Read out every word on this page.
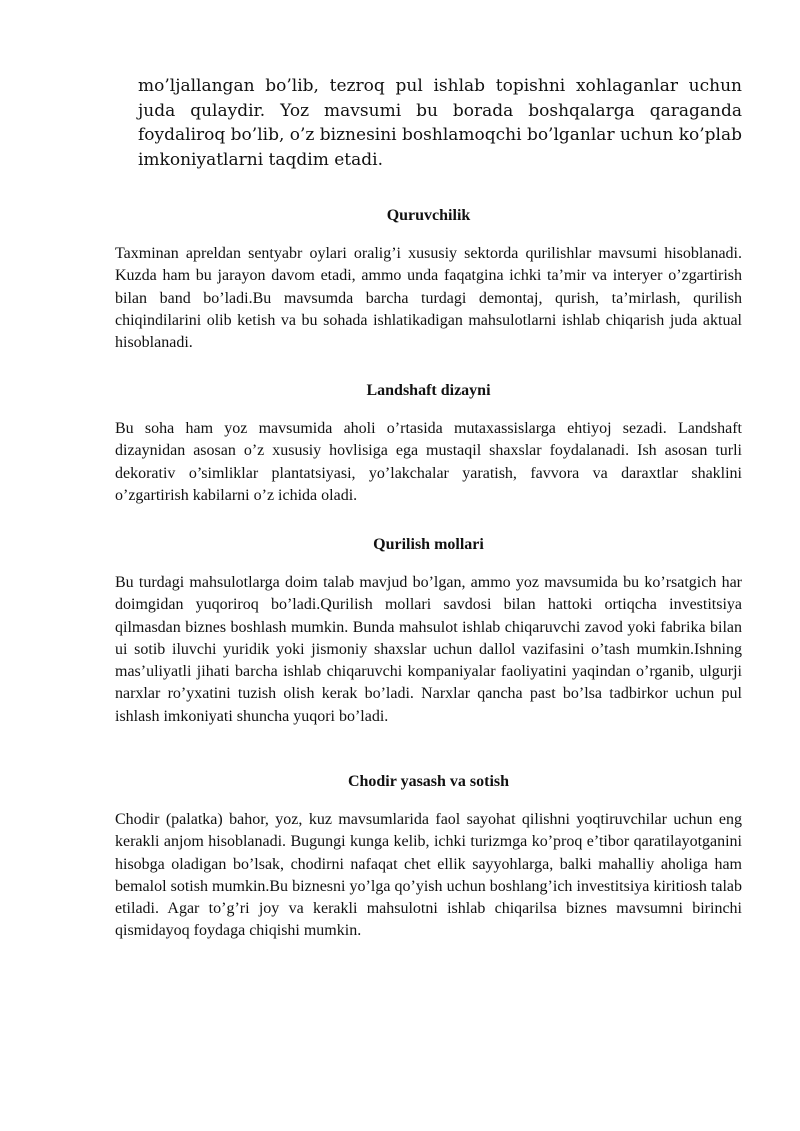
mo’ljallangan bo’lib, tezroq pul ishlab topishni xohlaganlar uchun juda qulaydir. Yoz mavsumi bu borada boshqalarga qaraganda foydaliroq bo’lib, o’z biznesini boshlamoqchi bo’lganlar uchun ko’plab imkoniyatlarni taqdim etadi.

Quruvchilik

Taxminan apreldan sentyabr oylari oralig’i xususiy sektorda qurilishlar mavsumi hisoblanadi. Kuzda ham bu jarayon davom etadi, ammo unda faqatgina ichki ta’mir va interyer o’zgartirish bilan band bo’ladi.Bu mavsumda barcha turdagi demontaj, qurish, ta’mirlash, qurilish chiqindilarini olib ketish va bu sohada ishlatikadigan mahsulotlarni ishlab chiqarish juda aktual hisoblanadi.

Landshaft dizayni

Bu soha ham yoz mavsumida aholi o’rtasida mutaxassislarga ehtiyoj sezadi. Landshaft dizaynidan asosan o’z xususiy hovlisiga ega mustaqil shaxslar foydalanadi. Ish asosan turli dekorativ o’simliklar plantatsiyasi, yo’lakchalar yaratish, favvora va daraxtlar shaklini o’zgartirish kabilarni o’z ichida oladi.

Qurilish mollari

Bu turdagi mahsulotlarga doim talab mavjud bo’lgan, ammo yoz mavsumida bu ko’rsatgich har doimgidan yuqoriroq bo’ladi.Qurilish mollari savdosi bilan hattoki ortiqcha investitsiya qilmasdan biznes boshlash mumkin. Bunda mahsulot ishlab chiqaruvchi zavod yoki fabrika bilan ui sotib iluvchi yuridik yoki jismoniy shaxslar uchun dallol vazifasini o’tash mumkin.Ishning mas’uliyatli jihati barcha ishlab chiqaruvchi kompaniyalar faoliyatini yaqindan o’rganib, ulgurji narxlar ro’yxatini tuzish olish kerak bo’ladi. Narxlar qancha past bo’lsa tadbirkor uchun pul ishlash imkoniyati shuncha yuqori bo’ladi.

Chodir yasash va sotish

Chodir (palatka) bahor, yoz, kuz mavsumlarida faol sayohat qilishni yoqtiruvchilar uchun eng kerakli anjom hisoblanadi. Bugungi kunga kelib, ichki turizmga ko’proq e’tibor qaratilayotganini hisobga oladigan bo’lsak, chodirni nafaqat chet ellik sayyohlarga, balki mahalliy aholiga ham bemalol sotish mumkin.Bu biznesni yo’lga qo’yish uchun boshlang’ich investitsiya kiritiosh talab etiladi. Agar to’g’ri joy va kerakli mahsulotni ishlab chiqarilsa biznes mavsumni birinchi qismidayoq foydaga chiqishi mumkin.
